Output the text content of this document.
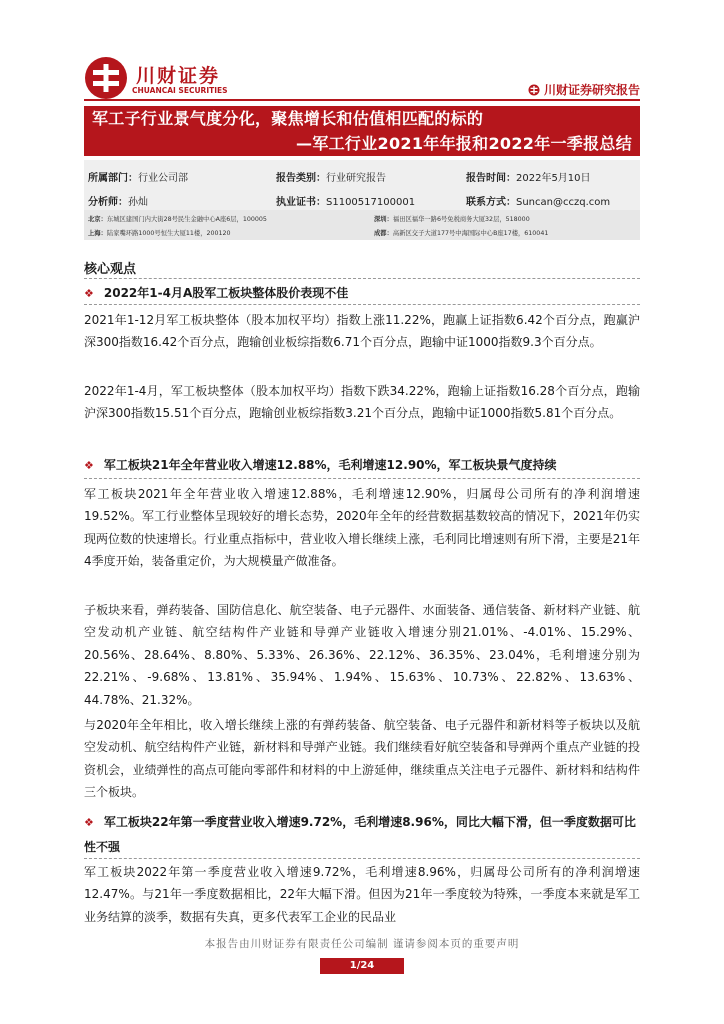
川财证券
CHUANCAI SECURITIES	川财证券研究报告
军工子行业景气度分化，聚焦增长和估值相匹配的标的
—军工行业2021年年报和2022年一季报总结
所属部门：行业公司部	报告类别：行业研究报告	报告时间：2022年5月10日
分析师：孙灿	执业证书：S1100517100001	联系方式：Suncan@cczq.com
北京：东城区建国门内大街28号民生金融中心A座6层，100005	深圳：福田区福华一路6号免税商务大厦32层，518000
上海：陆家嘴环路1000号恒生大厦11楼，200120	成都：高新区交子大道177号中海国际中心B座17楼，610041
核心观点
❖ 2022年1-4月A股军工板块整体股价表现不佳
2021年1-12月军工板块整体（股本加权平均）指数上涨11.22%，跑赢上证指数6.42个百分点，跑赢沪深300指数16.42个百分点，跑输创业板综指数6.71个百分点，跑输中证1000指数9.3个百分点。
2022年1-4月，军工板块整体（股本加权平均）指数下跌34.22%，跑输上证指数16.28个百分点，跑输沪深300指数15.51个百分点，跑输创业板综指数3.21个百分点，跑输中证1000指数5.81个百分点。
❖ 军工板块21年全年营业收入增速12.88%，毛利增速12.90%，军工板块景气度持续
军工板块2021年全年营业收入增速12.88%，毛利增速12.90%，归属母公司所有的净利润增速19.52%。军工行业整体呈现较好的增长态势，2020年全年的经营数据基数较高的情况下，2021年仍实现两位数的快速增长。行业重点指标中，营业收入增长继续上涨，毛利同比增速则有所下滑，主要是21年4季度开始，装备重定价，为大规模量产做准备。
子板块来看，弹药装备、国防信息化、航空装备、电子元器件、水面装备、通信装备、新材料产业链、航空发动机产业链、航空结构件产业链和导弹产业链收入增速分别21.01%、-4.01%、15.29%、20.56%、28.64%、8.80%、5.33%、26.36%、22.12%、36.35%、23.04%，毛利增速分别为22.21%、-9.68%、13.81%、35.94%、1.94%、15.63%、10.73%、22.82%、13.63%、44.78%、21.32%。
与2020年全年相比，收入增长继续上涨的有弹药装备、航空装备、电子元器件和新材料等子板块以及航空发动机、航空结构件产业链，新材料和导弹产业链。我们继续看好航空装备和导弹两个重点产业链的投资机会，业绩弹性的高点可能向零部件和材料的中上游延伸，继续重点关注电子元器件、新材料和结构件三个板块。
❖ 军工板块22年第一季度营业收入增速9.72%，毛利增速8.96%，同比大幅下滑，但一季度数据可比性不强
军工板块2022年第一季度营业收入增速9.72%，毛利增速8.96%，归属母公司所有的净利润增速12.47%。与21年一季度数据相比，22年大幅下滑。但因为21年一季度较为特殊，一季度本来就是军工业务结算的淡季，数据有失真，更多代表军工企业的民品业
本报告由川财证券有限责任公司编制 谨请参阅本页的重要声明
1/24
